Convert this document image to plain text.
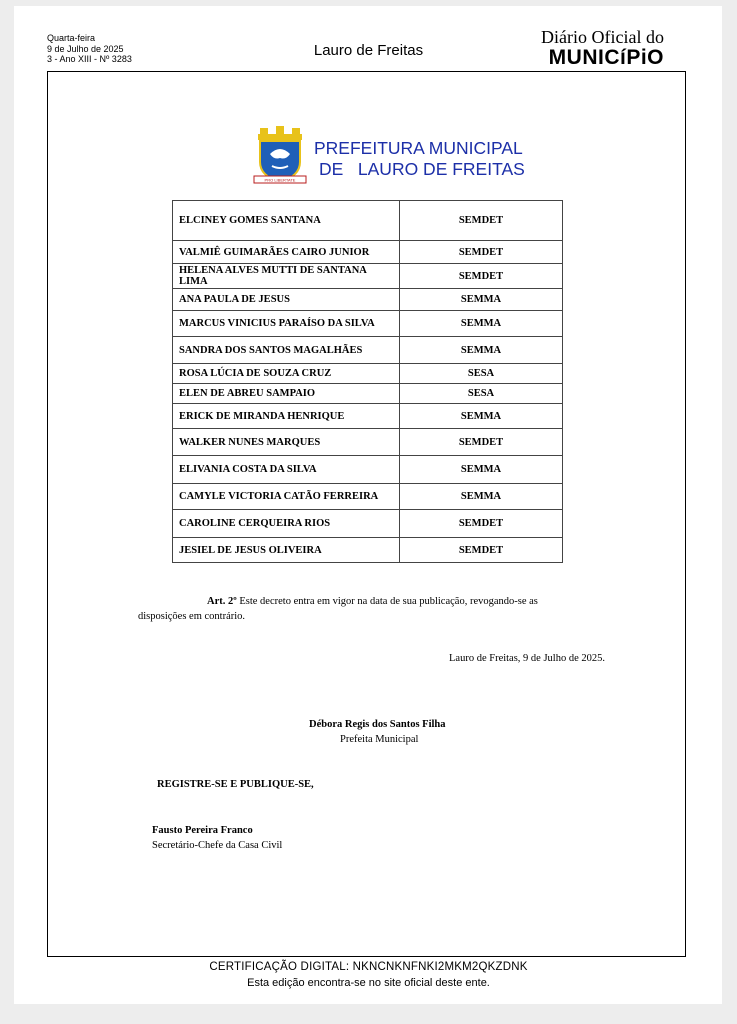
Quarta-feira
9 de Julho de 2025
3 - Ano XIII - Nº 3283	Lauro de Freitas
Diário Oficial do
MUNICíPiO
PRO LIBERTATE
PREFEITURA MUNICIPAL
DE   LAURO DE FREITAS
ELCINEY GOMES SANTANA	SEMDET
VALMIÊ GUIMARÃES CAIRO JUNIOR	SEMDET
HELENA ALVES MUTTI DE SANTANA LIMA	SEMDET
ANA PAULA DE JESUS	SEMMA
MARCUS VINICIUS PARAÍSO DA SILVA	SEMMA
SANDRA DOS SANTOS MAGALHÃES	SEMMA
ROSA LÚCIA DE SOUZA CRUZ	SESA
ELEN DE ABREU SAMPAIO	SESA
ERICK DE MIRANDA HENRIQUE	SEMMA
WALKER NUNES MARQUES	SEMDET
ELIVANIA COSTA DA SILVA	SEMMA
CAMYLE VICTORIA CATÃO FERREIRA	SEMMA
CAROLINE CERQUEIRA RIOS	SEMDET
JESIEL DE JESUS OLIVEIRA	SEMDET
Art. 2º Este decreto entra em vigor na data de sua publicação, revogando-se as
disposições em contrário.
Lauro de Freitas, 9 de Julho de 2025.
Débora Regis dos Santos Filha
Prefeita Municipal
REGISTRE-SE E PUBLIQUE-SE,
Fausto Pereira Franco
Secretário-Chefe da Casa Civil
CERTIFICAÇÃO DIGITAL: NKNCNKNFNKI2MKM2QKZDNK
Esta edição encontra-se no site oficial deste ente.
